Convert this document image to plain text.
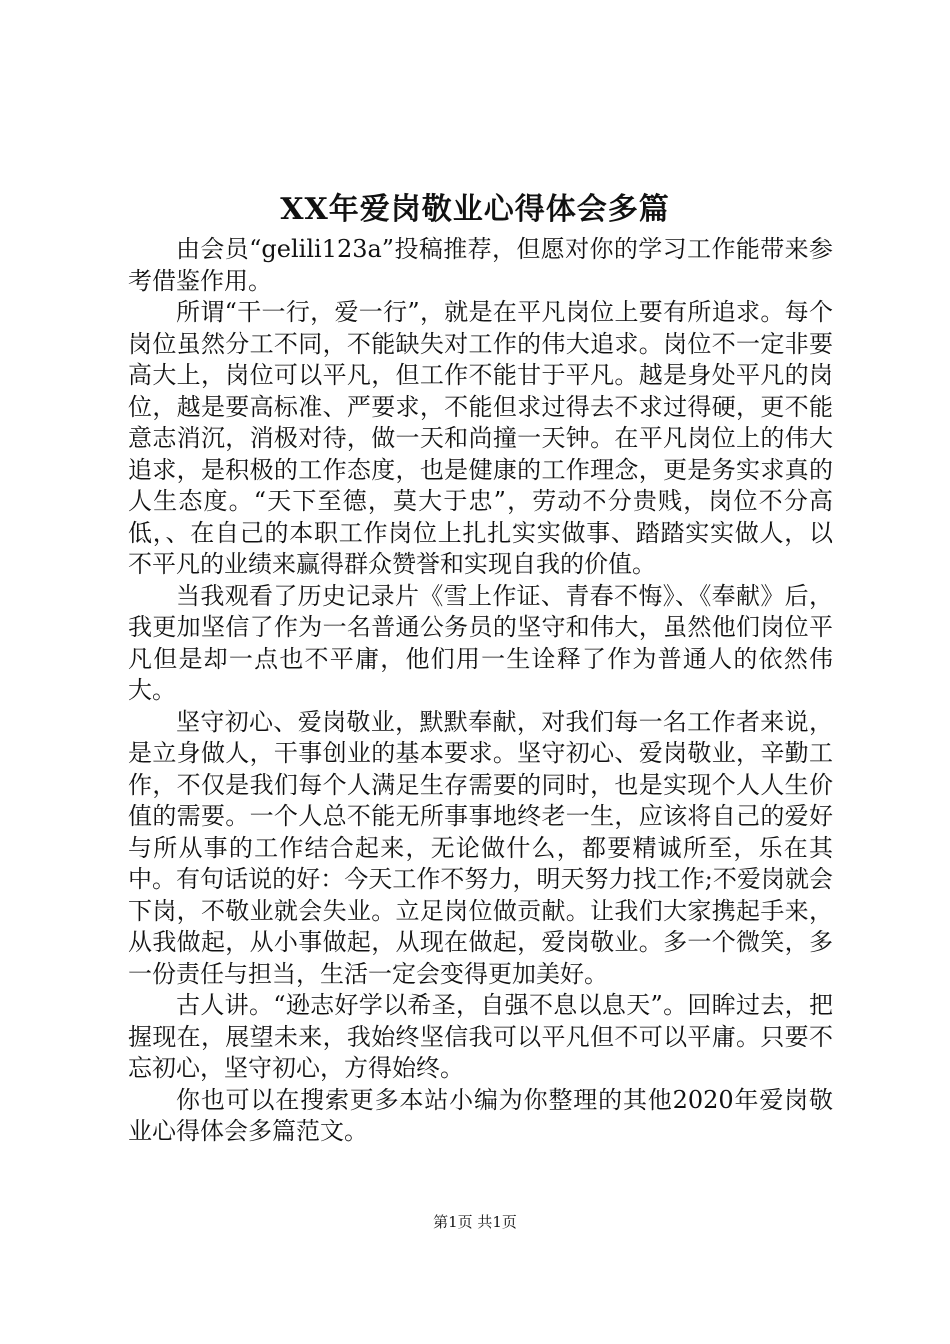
XX年爱岗敬业心得体会多篇

由会员“gelili123a”投稿推荐，但愿对你的学习工作能带来参考借鉴作用。

所谓“干一行，爱一行”，就是在平凡岗位上要有所追求。每个岗位虽然分工不同，不能缺失对工作的伟大追求。岗位不一定非要高大上，岗位可以平凡，但工作不能甘于平凡。越是身处平凡的岗位，越是要高标准、严要求，不能但求过得去不求过得硬，更不能意志消沉，消极对待，做一天和尚撞一天钟。在平凡岗位上的伟大追求，是积极的工作态度，也是健康的工作理念，更是务实求真的人生态度。“天下至德，莫大于忠”，劳动不分贵贱，岗位不分高低，、在自己的本职工作岗位上扎扎实实做事、踏踏实实做人，以不平凡的业绩来赢得群众赞誉和实现自我的价值。

当我观看了历史记录片《雪上作证、青春不悔》、《奉献》后，我更加坚信了作为一名普通公务员的坚守和伟大，虽然他们岗位平凡但是却一点也不平庸，他们用一生诠释了作为普通人的依然伟大。

坚守初心、爱岗敬业，默默奉献，对我们每一名工作者来说，是立身做人，干事创业的基本要求。坚守初心、爱岗敬业，辛勤工作，不仅是我们每个人满足生存需要的同时，也是实现个人人生价值的需要。一个人总不能无所事事地终老一生，应该将自己的爱好与所从事的工作结合起来，无论做什么，都要精诚所至，乐在其中。有句话说的好：今天工作不努力，明天努力找工作;不爱岗就会下岗，不敬业就会失业。立足岗位做贡献。让我们大家携起手来，从我做起，从小事做起，从现在做起，爱岗敬业。多一个微笑，多一份责任与担当，生活一定会变得更加美好。

古人讲。“逊志好学以希圣，自强不息以息天”。回眸过去，把握现在，展望未来，我始终坚信我可以平凡但不可以平庸。只要不忘初心，坚守初心，方得始终。

你也可以在搜索更多本站小编为你整理的其他2020年爱岗敬业心得体会多篇范文。

第1页 共1页
